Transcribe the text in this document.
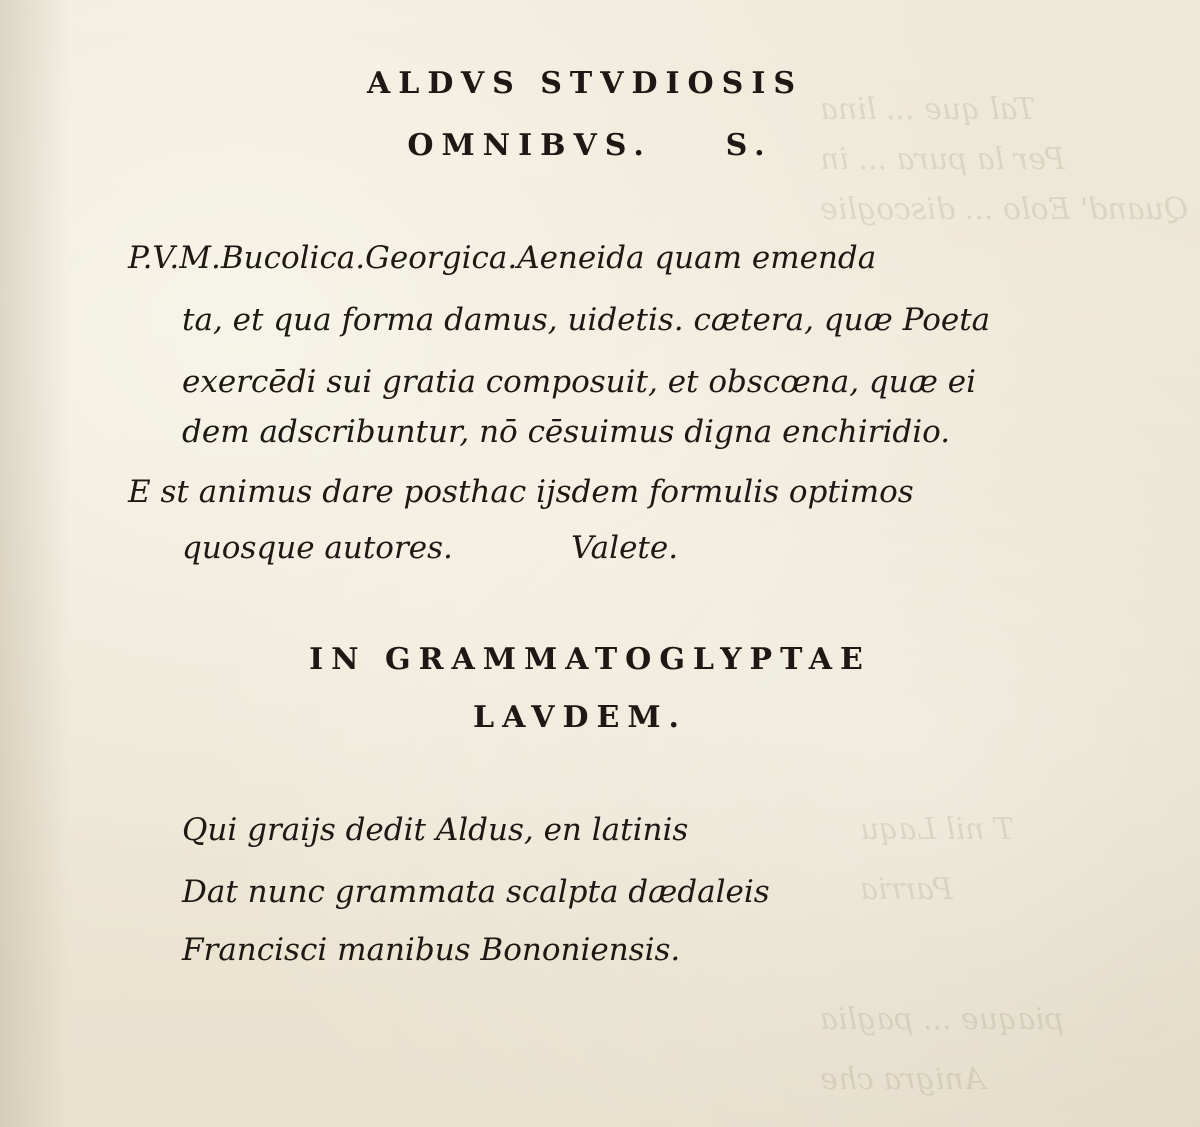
Tal que ... lina
Per la pura ... in
Quand' Eolo ... discoglie
T nil Laqu
Parria
piaque ... paglia
Anigra che
ALDVS STVDIOSIS
OMNIBVS.    S.
P.V.M.Bucolica.Georgica.Aeneida quam emenda
ta, et qua forma damus, uidetis. cætera, quæ Poeta
exercēdi sui gratia composuit, et obscœna, quæ ei
dem adscribuntur, nō cēsuimus digna enchiridio.
E st animus dare posthac ijsdem formulis optimos
quosque autores.            Valete.
IN GRAMMATOGLYPTAE
LAVDEM.
Qui graijs dedit Aldus, en latinis
Dat nunc grammata scalpta dædaleis
Francisci manibus Bononiensis.
